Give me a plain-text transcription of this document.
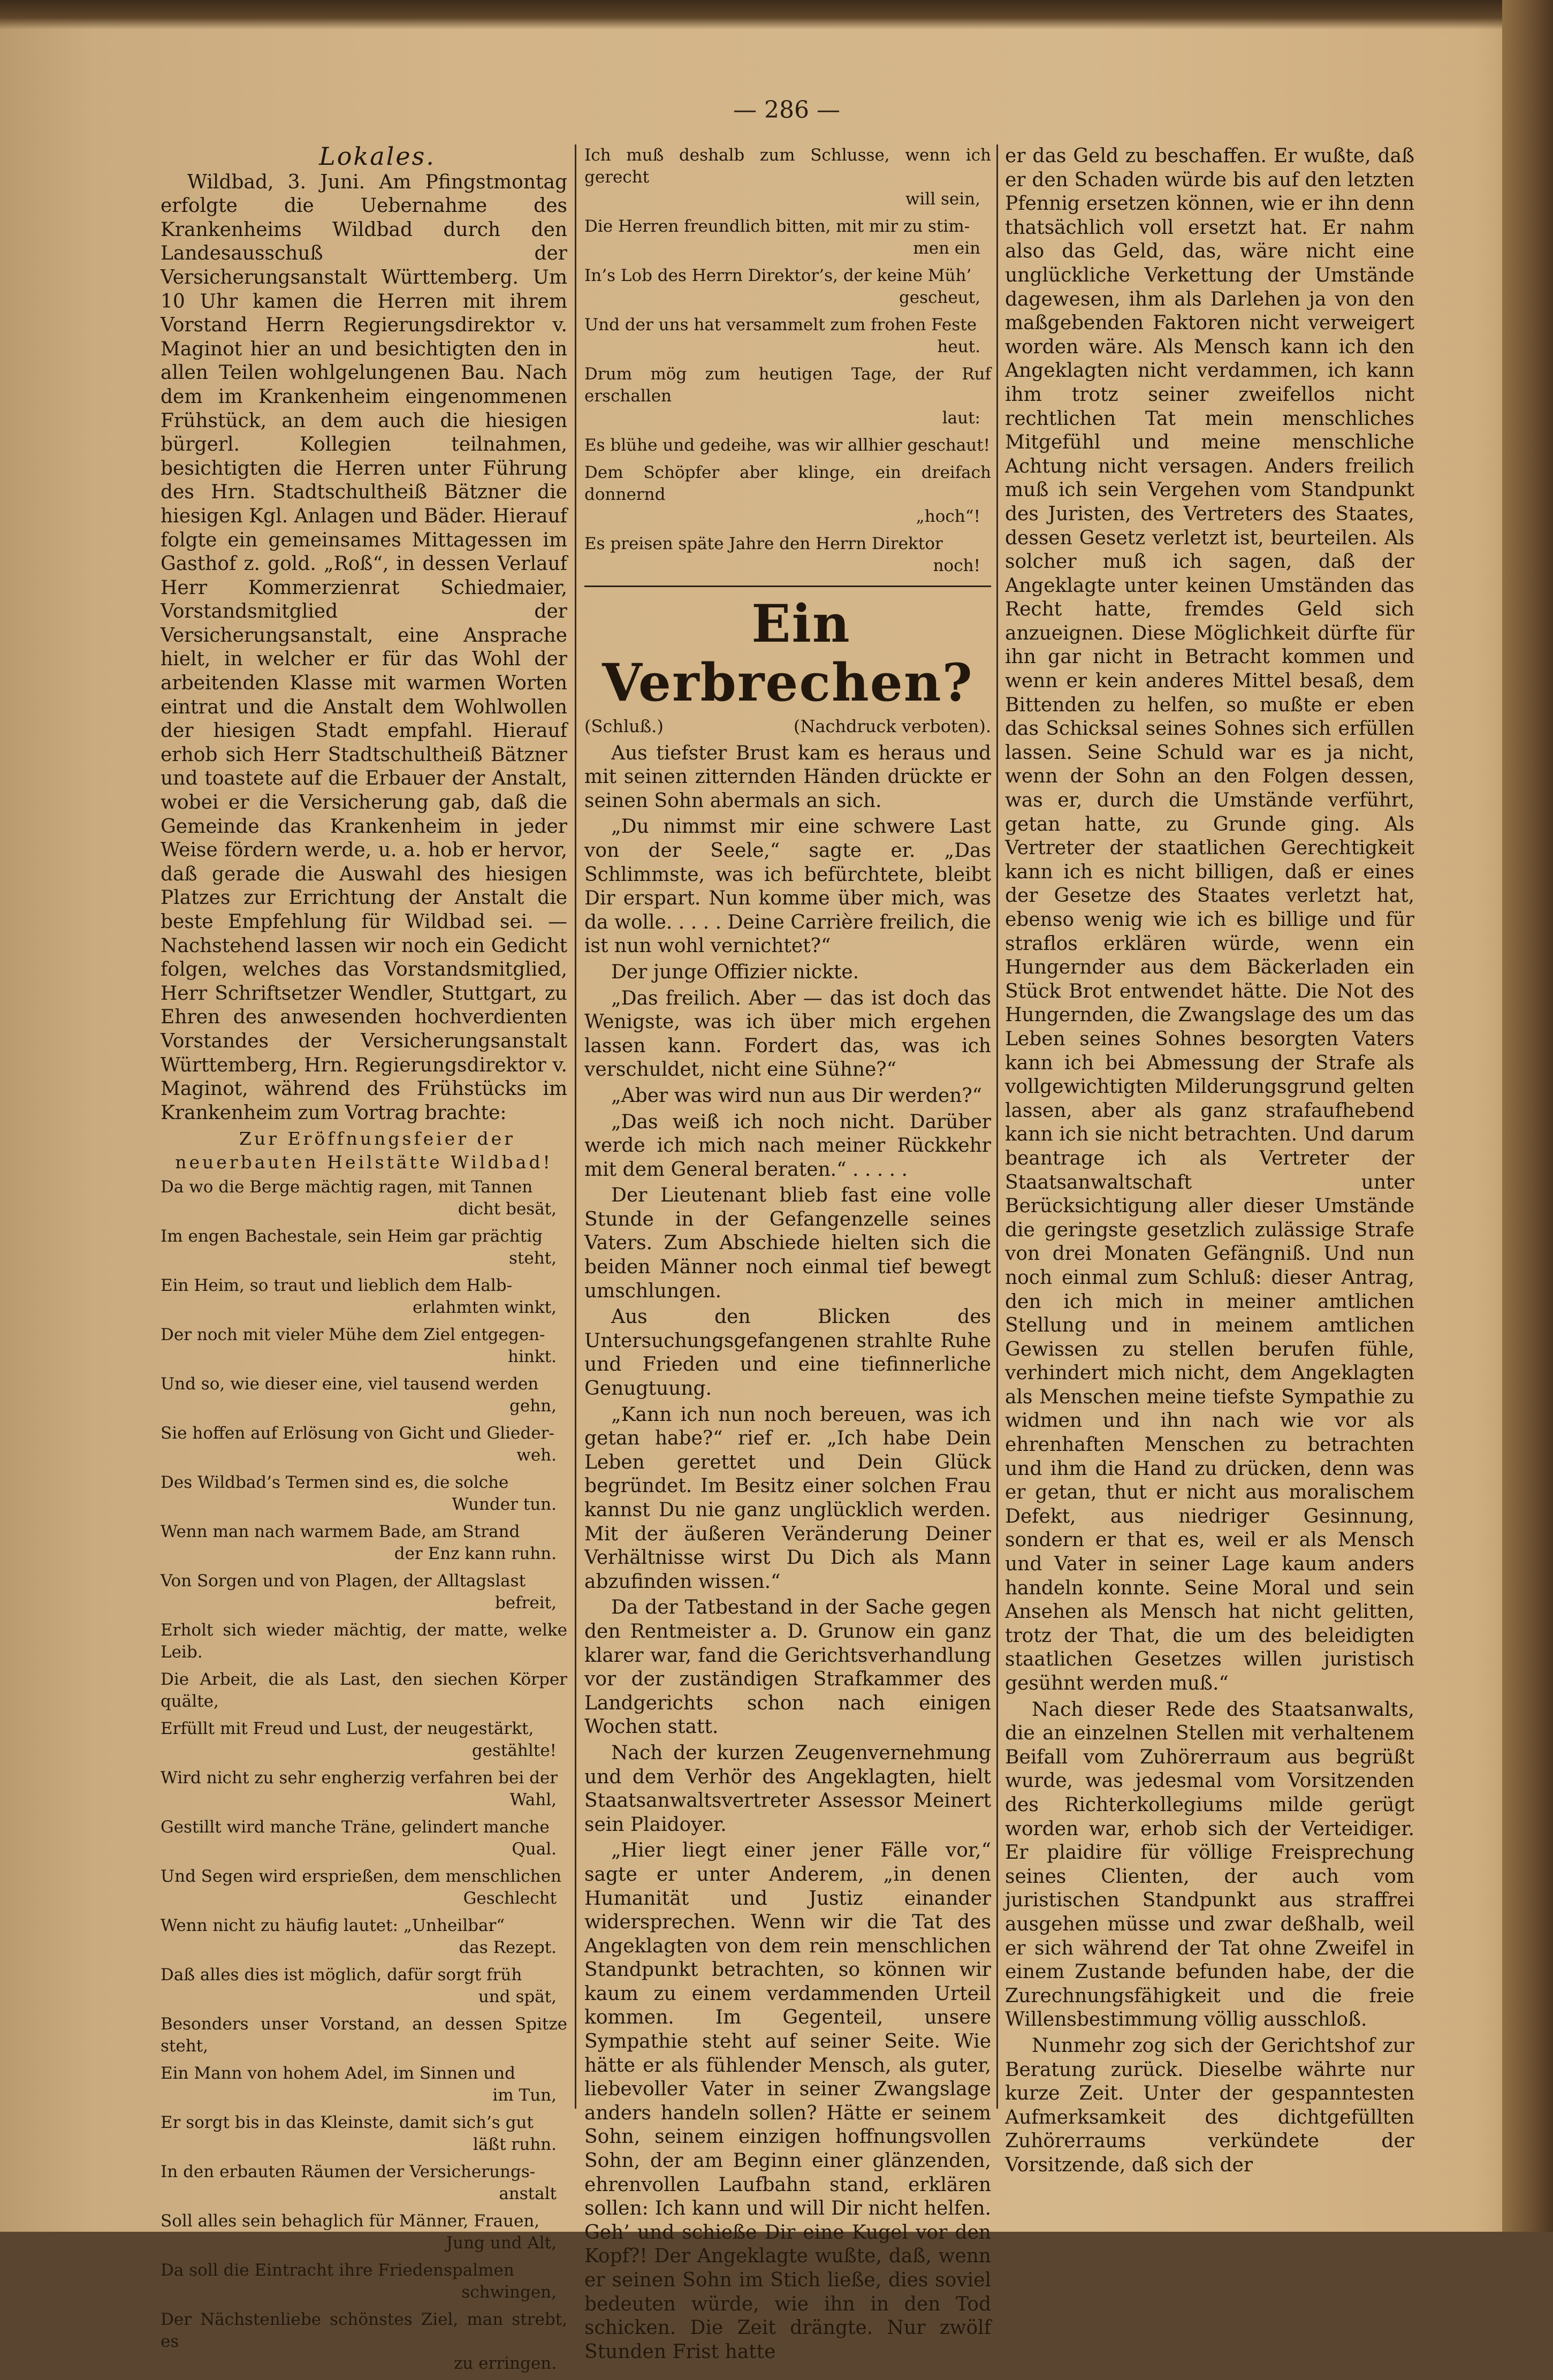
— 286 —

Lokales.

Wildbad, 3. Juni. Am Pfingstmontag erfolgte die Uebernahme des Krankenheims Wildbad durch den Landesausschuß der Versicherungsanstalt Württemberg. Um 10 Uhr kamen die Herren mit ihrem Vorstand Herrn Regierungsdirektor v. Maginot hier an und besichtigten den in allen Teilen wohlgelungenen Bau. Nach dem im Krankenheim eingenommenen Frühstück, an dem auch die hiesigen bürgerl. Kollegien teilnahmen, besichtigten die Herren unter Führung des Hrn. Stadtschultheiß Bätzner die hiesigen Kgl. Anlagen und Bäder. Hierauf folgte ein gemeinsames Mittagessen im Gasthof z. gold. „Roß“, in dessen Verlauf Herr Kommerzienrat Schiedmaier, Vorstandsmitglied der Versicherungsanstalt, eine Ansprache hielt, in welcher er für das Wohl der arbeitenden Klasse mit warmen Worten eintrat und die Anstalt dem Wohlwollen der hiesigen Stadt empfahl. Hierauf erhob sich Herr Stadtschultheiß Bätzner und toastete auf die Erbauer der Anstalt, wobei er die Versicherung gab, daß die Gemeinde das Krankenheim in jeder Weise fördern werde, u. a. hob er hervor, daß gerade die Auswahl des hiesigen Platzes zur Errichtung der Anstalt die beste Empfehlung für Wildbad sei. — Nachstehend lassen wir noch ein Gedicht folgen, welches das Vorstandsmitglied, Herr Schriftsetzer Wendler, Stuttgart, zu Ehren des anwesenden hochverdienten Vorstandes der Versicherungsanstalt Württemberg, Hrn. Regierungsdirektor v. Maginot, während des Frühstücks im Krankenheim zum Vortrag brachte:

Zur Eröffnungsfeier der neuerbauten Heilstätte Wildbad!

Da wo die Berge mächtig ragen, mit Tannen
dicht besät,

Im engen Bachestale, sein Heim gar prächtig
steht,

Ein Heim, so traut und lieblich dem Halb-
erlahmten winkt,

Der noch mit vieler Mühe dem Ziel entgegen-
hinkt.

Und so, wie dieser eine, viel tausend werden
gehn,

Sie hoffen auf Erlösung von Gicht und Glieder-
weh.

Des Wildbad’s Termen sind es, die solche
Wunder tun.

Wenn man nach warmem Bade, am Strand
der Enz kann ruhn.

Von Sorgen und von Plagen, der Alltagslast
befreit,

Erholt sich wieder mächtig, der matte, welke Leib.

Die Arbeit, die als Last, den siechen Körper quälte,

Erfüllt mit Freud und Lust, der neugestärkt,
gestählte!

Wird nicht zu sehr engherzig verfahren bei der
Wahl,

Gestillt wird manche Träne, gelindert manche
Qual.

Und Segen wird ersprießen, dem menschlichen
Geschlecht

Wenn nicht zu häufig lautet: „Unheilbar“
das Rezept.

Daß alles dies ist möglich, dafür sorgt früh
und spät,

Besonders unser Vorstand, an dessen Spitze steht,

Ein Mann von hohem Adel, im Sinnen und
im Tun,

Er sorgt bis in das Kleinste, damit sich’s gut
läßt ruhn.

In den erbauten Räumen der Versicherungs-
anstalt

Soll alles sein behaglich für Männer, Frauen,
Jung und Alt,

Da soll die Eintracht ihre Friedenspalmen
schwingen,

Der Nächstenliebe schönstes Ziel, man strebt, es
zu erringen.

Ich muß deshalb zum Schlusse, wenn ich gerecht
will sein,

Die Herren freundlich bitten, mit mir zu stim-
men ein

In’s Lob des Herrn Direktor’s, der keine Müh’
gescheut,

Und der uns hat versammelt zum frohen Feste
heut.

Drum mög zum heutigen Tage, der Ruf erschallen
laut:

Es blühe und gedeihe, was wir allhier geschaut!

Dem Schöpfer aber klinge, ein dreifach donnernd
„hoch“!

Es preisen späte Jahre den Herrn Direktor
noch!

Ein Verbrechen?

(Schluß.)	(Nachdruck verboten).

Aus tiefster Brust kam es heraus und mit seinen zitternden Händen drückte er seinen Sohn abermals an sich.

„Du nimmst mir eine schwere Last von der Seele,“ sagte er. „Das Schlimmste, was ich befürchtete, bleibt Dir erspart. Nun komme über mich, was da wolle. . . . . Deine Carrière freilich, die ist nun wohl vernichtet?“

Der junge Offizier nickte.

„Das freilich. Aber — das ist doch das Wenigste, was ich über mich ergehen lassen kann. Fordert das, was ich verschuldet, nicht eine Sühne?“

„Aber was wird nun aus Dir werden?“

„Das weiß ich noch nicht. Darüber werde ich mich nach meiner Rückkehr mit dem General beraten.“ . . . . .

Der Lieutenant blieb fast eine volle Stunde in der Gefangenzelle seines Vaters. Zum Abschiede hielten sich die beiden Männer noch einmal tief bewegt umschlungen.

Aus den Blicken des Untersuchungsgefangenen strahlte Ruhe und Frieden und eine tiefinnerliche Genugtuung.

„Kann ich nun noch bereuen, was ich getan habe?“ rief er. „Ich habe Dein Leben gerettet und Dein Glück begründet. Im Besitz einer solchen Frau kannst Du nie ganz unglücklich werden. Mit der äußeren Veränderung Deiner Verhältnisse wirst Du Dich als Mann abzufinden wissen.“

Da der Tatbestand in der Sache gegen den Rentmeister a. D. Grunow ein ganz klarer war, fand die Gerichtsverhandlung vor der zuständigen Strafkammer des Landgerichts schon nach einigen Wochen statt.

Nach der kurzen Zeugenvernehmung und dem Verhör des Angeklagten, hielt Staatsanwaltsvertreter Assessor Meinert sein Plaidoyer.

„Hier liegt einer jener Fälle vor,“ sagte er unter Anderem, „in denen Humanität und Justiz einander widersprechen. Wenn wir die Tat des Angeklagten von dem rein menschlichen Standpunkt betrachten, so können wir kaum zu einem verdammenden Urteil kommen. Im Gegenteil, unsere Sympathie steht auf seiner Seite. Wie hätte er als fühlender Mensch, als guter, liebevoller Vater in seiner Zwangslage anders handeln sollen? Hätte er seinem Sohn, seinem einzigen hoffnungsvollen Sohn, der am Beginn einer glänzenden, ehrenvollen Laufbahn stand, erklären sollen: Ich kann und will Dir nicht helfen. Geh’ und schieße Dir eine Kugel vor den Kopf?! Der Angeklagte wußte, daß, wenn er seinen Sohn im Stich ließe, dies soviel bedeuten würde, wie ihn in den Tod schicken. Die Zeit drängte. Nur zwölf Stunden Frist hatte

er das Geld zu beschaffen. Er wußte, daß er den Schaden würde bis auf den letzten Pfennig ersetzen können, wie er ihn denn thatsächlich voll ersetzt hat. Er nahm also das Geld, das, wäre nicht eine unglückliche Verkettung der Umstände dagewesen, ihm als Darlehen ja von den maßgebenden Faktoren nicht verweigert worden wäre. Als Mensch kann ich den Angeklagten nicht verdammen, ich kann ihm trotz seiner zweifellos nicht rechtlichen Tat mein menschliches Mitgefühl und meine menschliche Achtung nicht versagen. Anders freilich muß ich sein Vergehen vom Standpunkt des Juristen, des Vertreters des Staates, dessen Gesetz verletzt ist, beurteilen. Als solcher muß ich sagen, daß der Angeklagte unter keinen Umständen das Recht hatte, fremdes Geld sich anzueignen. Diese Möglichkeit dürfte für ihn gar nicht in Betracht kommen und wenn er kein anderes Mittel besaß, dem Bittenden zu helfen, so mußte er eben das Schicksal seines Sohnes sich erfüllen lassen. Seine Schuld war es ja nicht, wenn der Sohn an den Folgen dessen, was er, durch die Umstände verführt, getan hatte, zu Grunde ging. Als Vertreter der staatlichen Gerechtigkeit kann ich es nicht billigen, daß er eines der Gesetze des Staates verletzt hat, ebenso wenig wie ich es billige und für straflos erklären würde, wenn ein Hungernder aus dem Bäckerladen ein Stück Brot entwendet hätte. Die Not des Hungernden, die Zwangslage des um das Leben seines Sohnes besorgten Vaters kann ich bei Abmessung der Strafe als vollgewichtigten Milderungsgrund gelten lassen, aber als ganz strafaufhebend kann ich sie nicht betrachten. Und darum beantrage ich als Vertreter der Staatsanwaltschaft unter Berücksichtigung aller dieser Umstände die geringste gesetzlich zulässige Strafe von drei Monaten Gefängniß. Und nun noch einmal zum Schluß: dieser Antrag, den ich mich in meiner amtlichen Stellung und in meinem amtlichen Gewissen zu stellen berufen fühle, verhindert mich nicht, dem Angeklagten als Menschen meine tiefste Sympathie zu widmen und ihn nach wie vor als ehrenhaften Menschen zu betrachten und ihm die Hand zu drücken, denn was er getan, thut er nicht aus moralischem Defekt, aus niedriger Gesinnung, sondern er that es, weil er als Mensch und Vater in seiner Lage kaum anders handeln konnte. Seine Moral und sein Ansehen als Mensch hat nicht gelitten, trotz der That, die um des beleidigten staatlichen Gesetzes willen juristisch gesühnt werden muß.“

Nach dieser Rede des Staatsanwalts, die an einzelnen Stellen mit verhaltenem Beifall vom Zuhörerraum aus begrüßt wurde, was jedesmal vom Vorsitzenden des Richterkollegiums milde gerügt worden war, erhob sich der Verteidiger. Er plaidire für völlige Freisprechung seines Clienten, der auch vom juristischen Standpunkt aus straffrei ausgehen müsse und zwar deßhalb, weil er sich während der Tat ohne Zweifel in einem Zustande befunden habe, der die Zurechnungsfähigkeit und die freie Willensbestimmung völlig ausschloß.

Nunmehr zog sich der Gerichtshof zur Beratung zurück. Dieselbe währte nur kurze Zeit. Unter der gespanntesten Aufmerksamkeit des dichtgefüllten Zuhörerraums verkündete der Vorsitzende, daß sich der
